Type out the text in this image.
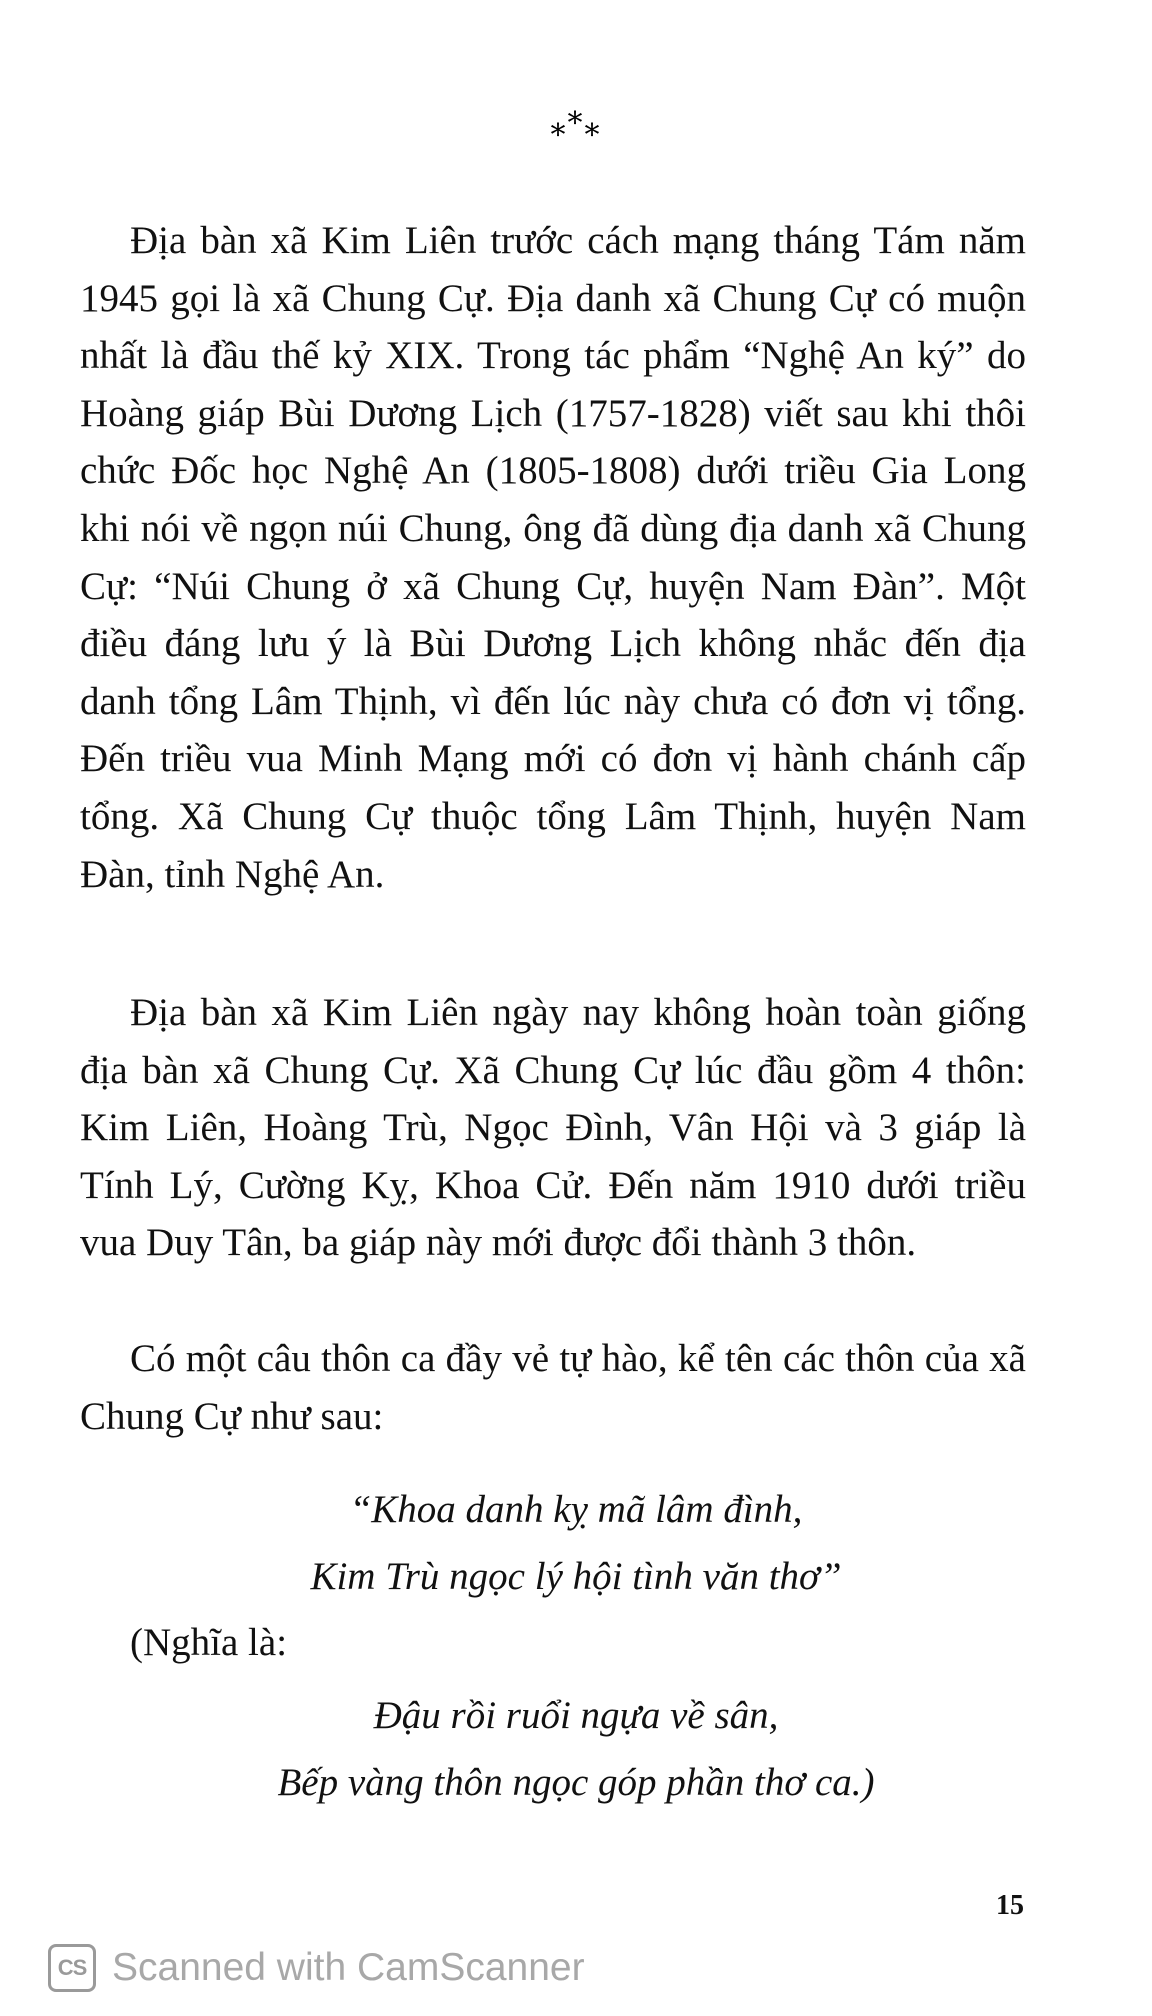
***

Địa bàn xã Kim Liên trước cách mạng tháng Tám năm 1945 gọi là xã Chung Cự. Địa danh xã Chung Cự có muộn nhất là đầu thế kỷ XIX. Trong tác phẩm “Nghệ An ký” do Hoàng giáp Bùi Dương Lịch (1757-1828) viết sau khi thôi chức Đốc học Nghệ An (1805-1808) dưới triều Gia Long khi nói về ngọn núi Chung, ông đã dùng địa danh xã Chung Cự: “Núi Chung ở xã Chung Cự, huyện Nam Đàn”. Một điều đáng lưu ý là Bùi Dương Lịch không nhắc đến địa danh tổng Lâm Thịnh, vì đến lúc này chưa có đơn vị tổng. Đến triều vua Minh Mạng mới có đơn vị hành chánh cấp tổng. Xã Chung Cự thuộc tổng Lâm Thịnh, huyện Nam Đàn, tỉnh Nghệ An.

Địa bàn xã Kim Liên ngày nay không hoàn toàn giống địa bàn xã Chung Cự. Xã Chung Cự lúc đầu gồm 4 thôn: Kim Liên, Hoàng Trù, Ngọc Đình, Vân Hội và 3 giáp là Tính Lý, Cường Kỵ, Khoa Cử. Đến năm 1910 dưới triều vua Duy Tân, ba giáp này mới được đổi thành 3 thôn.

Có một câu thôn ca đầy vẻ tự hào, kể tên các thôn của xã Chung Cự như sau:

“Khoa danh kỵ mã lâm đình,
Kim Trù ngọc lý hội tình văn thơ”

(Nghĩa là:

Đậu rồi ruổi ngựa về sân,
Bếp vàng thôn ngọc góp phần thơ ca.)
15
CS Scanned with CamScanner
